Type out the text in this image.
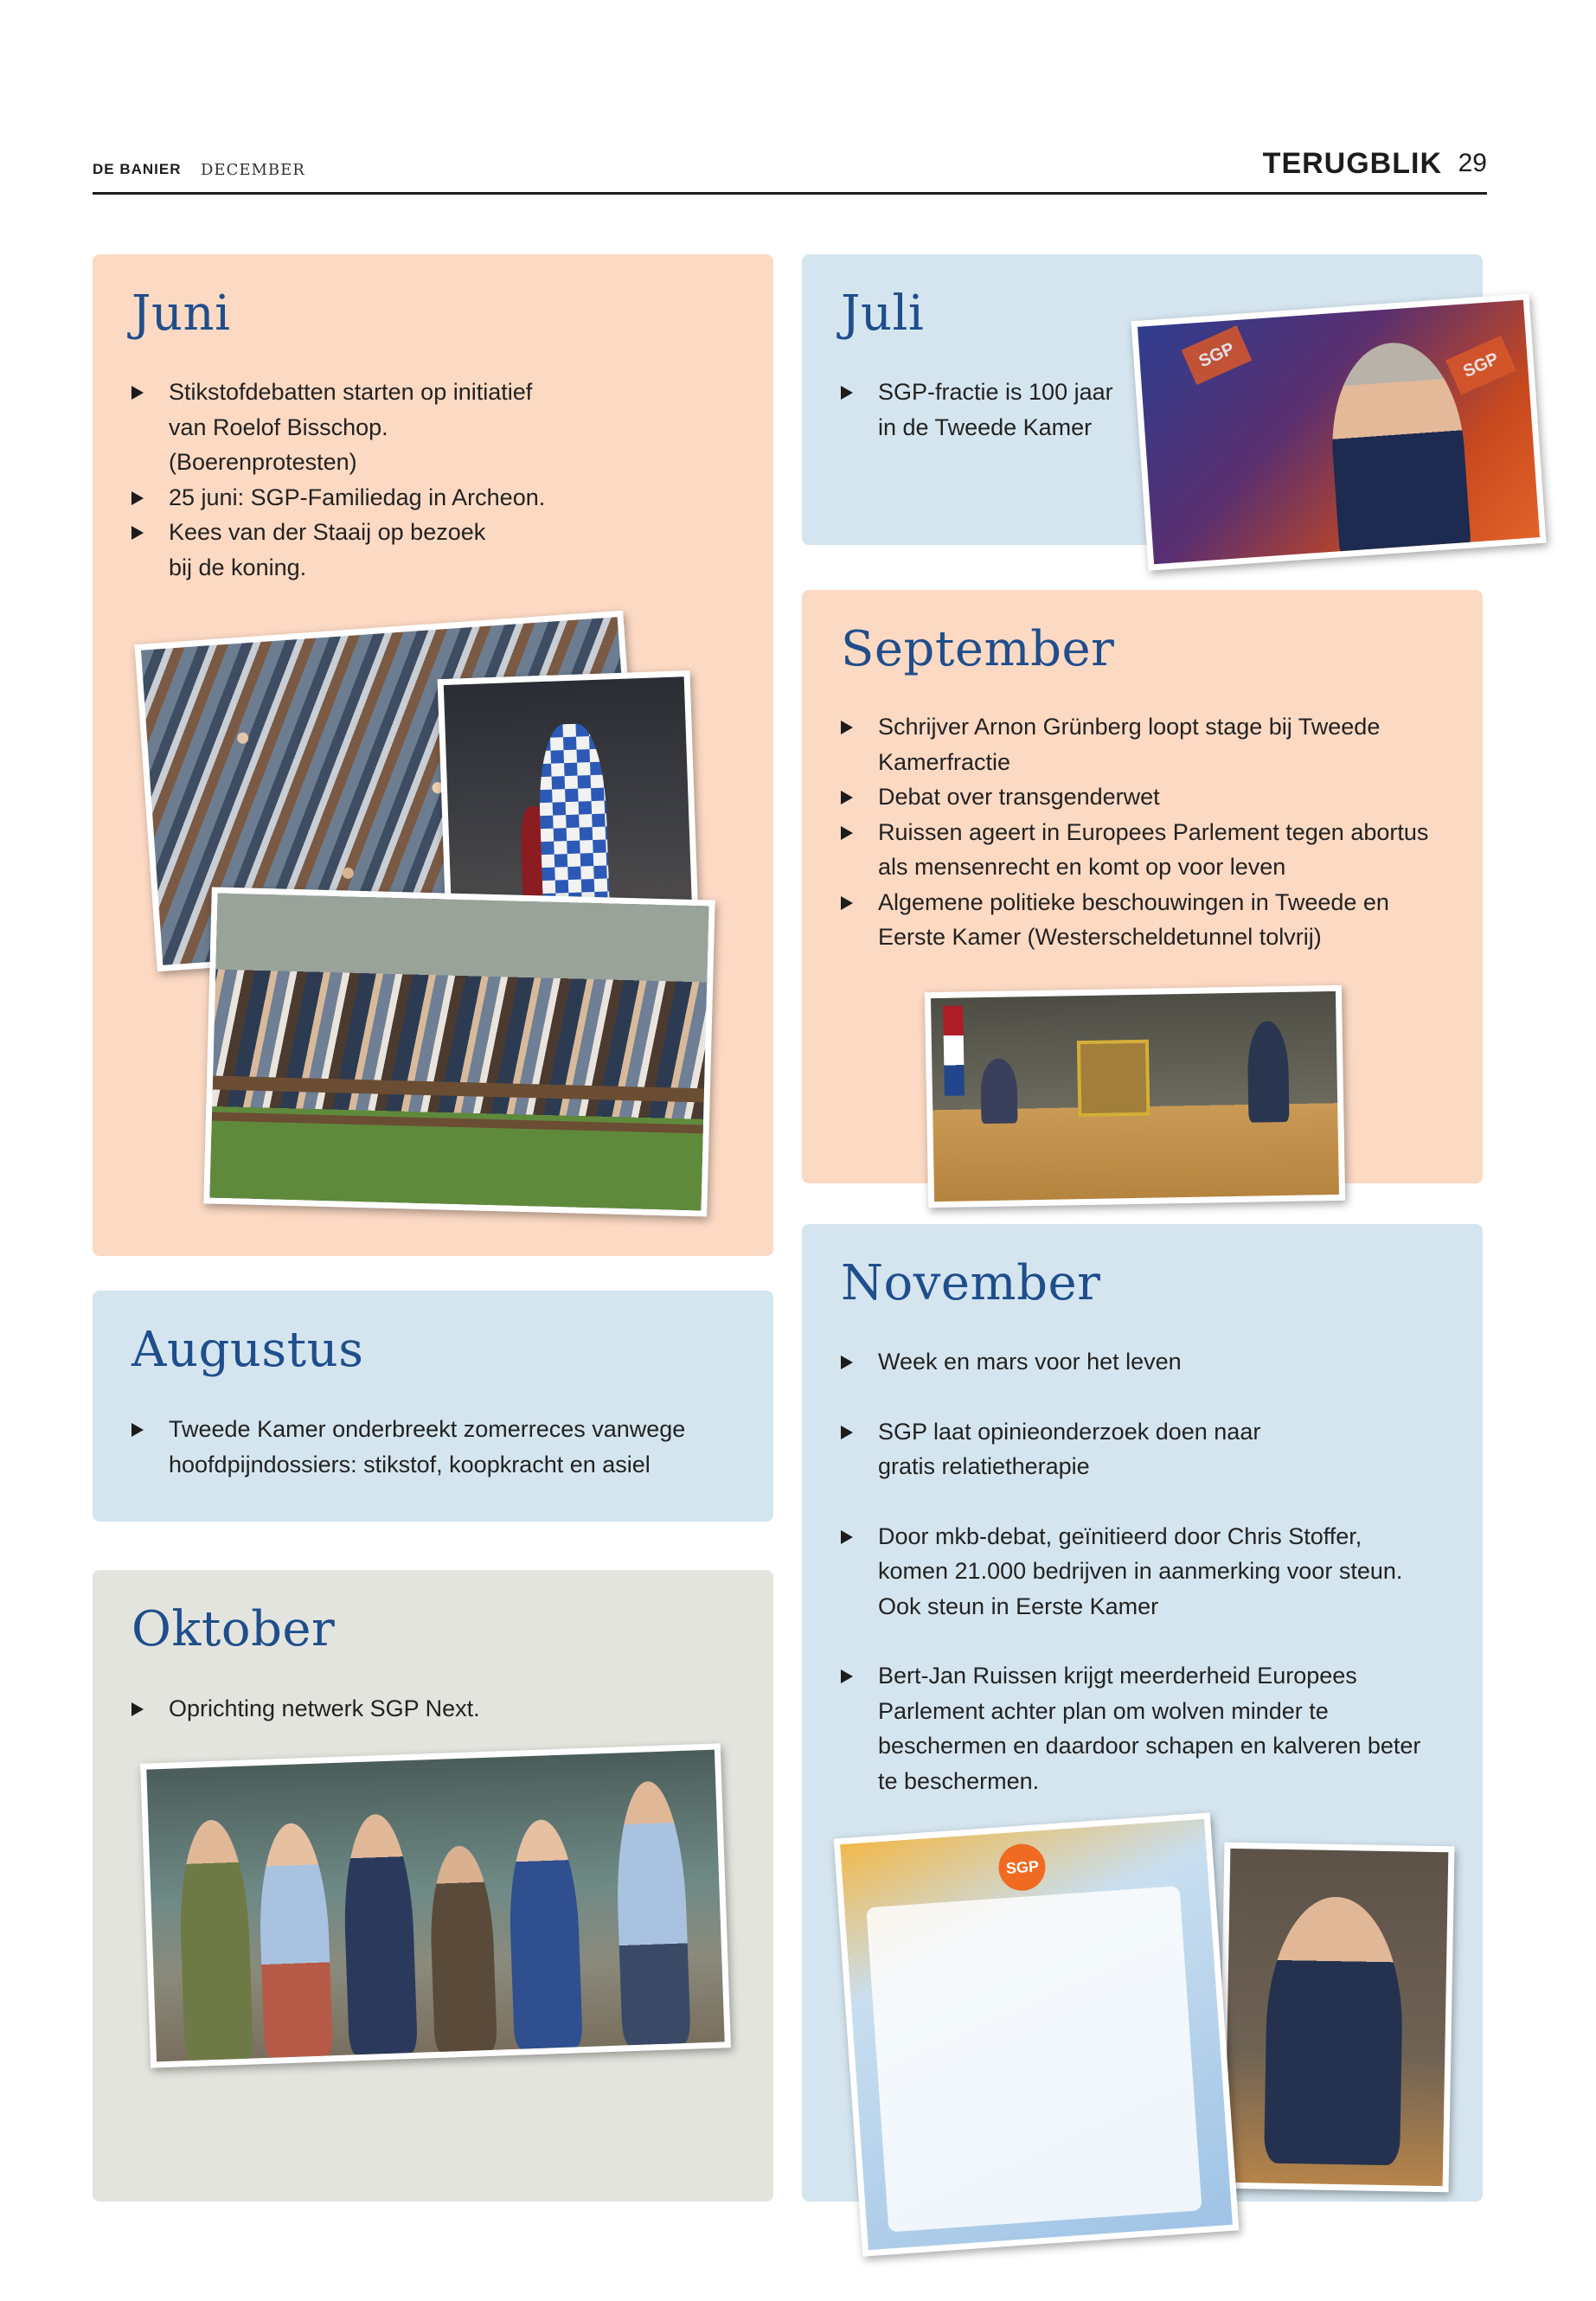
DE BANIER DECEMBER	TERUGBLIK 29
Juni
Stikstofdebatten starten op initiatief
van Roelof Bisschop.
(Boerenprotesten)
25 juni: SGP-Familiedag in Archeon.
Kees van der Staaij op bezoek
bij de koning.
Juli
SGP-fractie is 100 jaar
in de Tweede Kamer
SGP	SGP
September
Schrijver Arnon Grünberg loopt stage bij Tweede
Kamerfractie
Debat over transgenderwet
Ruissen ageert in Europees Parlement tegen abortus
als mensenrecht en komt op voor leven
Algemene politieke beschouwingen in Tweede en
Eerste Kamer (Westerscheldetunnel tolvrij)
Augustus
Tweede Kamer onderbreekt zomerreces vanwege
hoofdpijndossiers: stikstof, koopkracht en asiel
Oktober
Oprichting netwerk SGP Next.
November
Week en mars voor het leven
SGP laat opinieonderzoek doen naar
gratis relatietherapie
Door mkb-debat, geïnitieerd door Chris Stoffer,
komen 21.000 bedrijven in aanmerking voor steun.
Ook steun in Eerste Kamer
Bert-Jan Ruissen krijgt meerderheid Europees
Parlement achter plan om wolven minder te
beschermen en daardoor schapen en kalveren beter
te beschermen.
SGP
